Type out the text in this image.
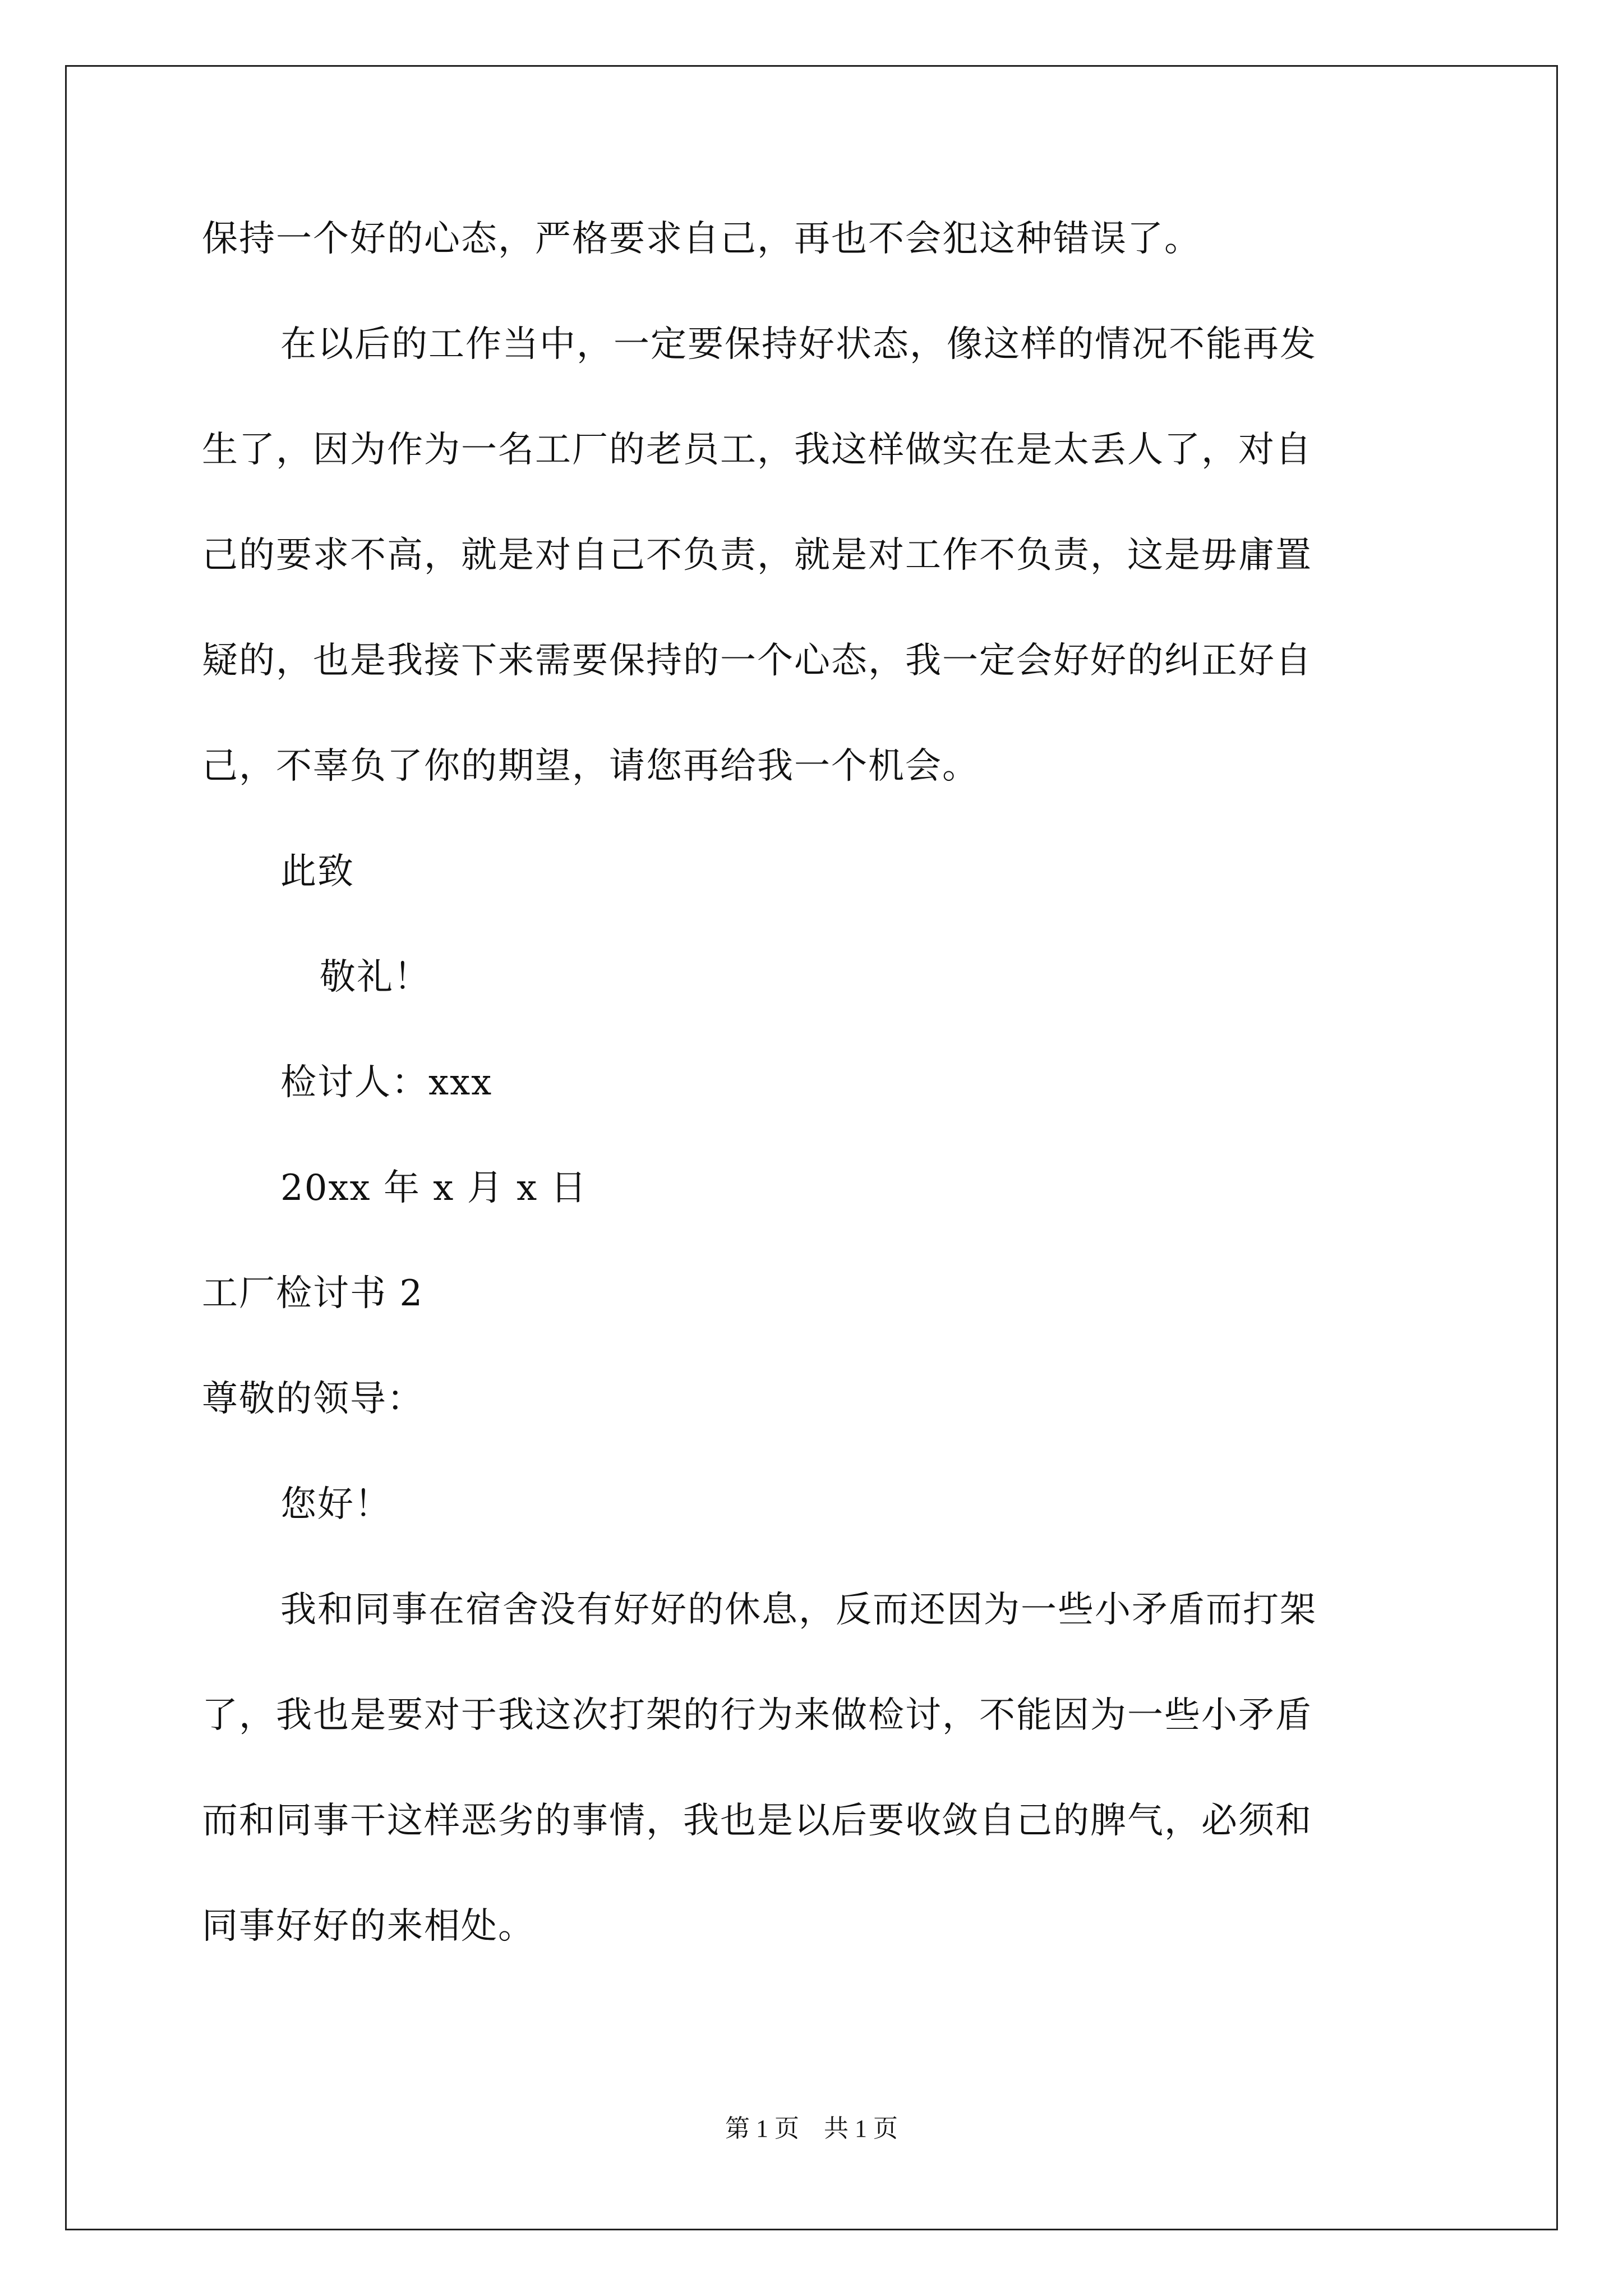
保持一个好的心态，严格要求自己，再也不会犯这种错误了。
在以后的工作当中，一定要保持好状态，像这样的情况不能再发
生了，因为作为一名工厂的老员工，我这样做实在是太丢人了，对自
己的要求不高，就是对自己不负责，就是对工作不负责，这是毋庸置
疑的，也是我接下来需要保持的一个心态，我一定会好好的纠正好自
己，不辜负了你的期望，请您再给我一个机会。
此致
敬礼！
检讨人：xxx
20xx 年 x 月 x 日
工厂检讨书 2
尊敬的领导：
您好！
我和同事在宿舍没有好好的休息，反而还因为一些小矛盾而打架
了，我也是要对于我这次打架的行为来做检讨，不能因为一些小矛盾
而和同事干这样恶劣的事情，我也是以后要收敛自己的脾气，必须和
同事好好的来相处。
第 1 页　共 1 页
